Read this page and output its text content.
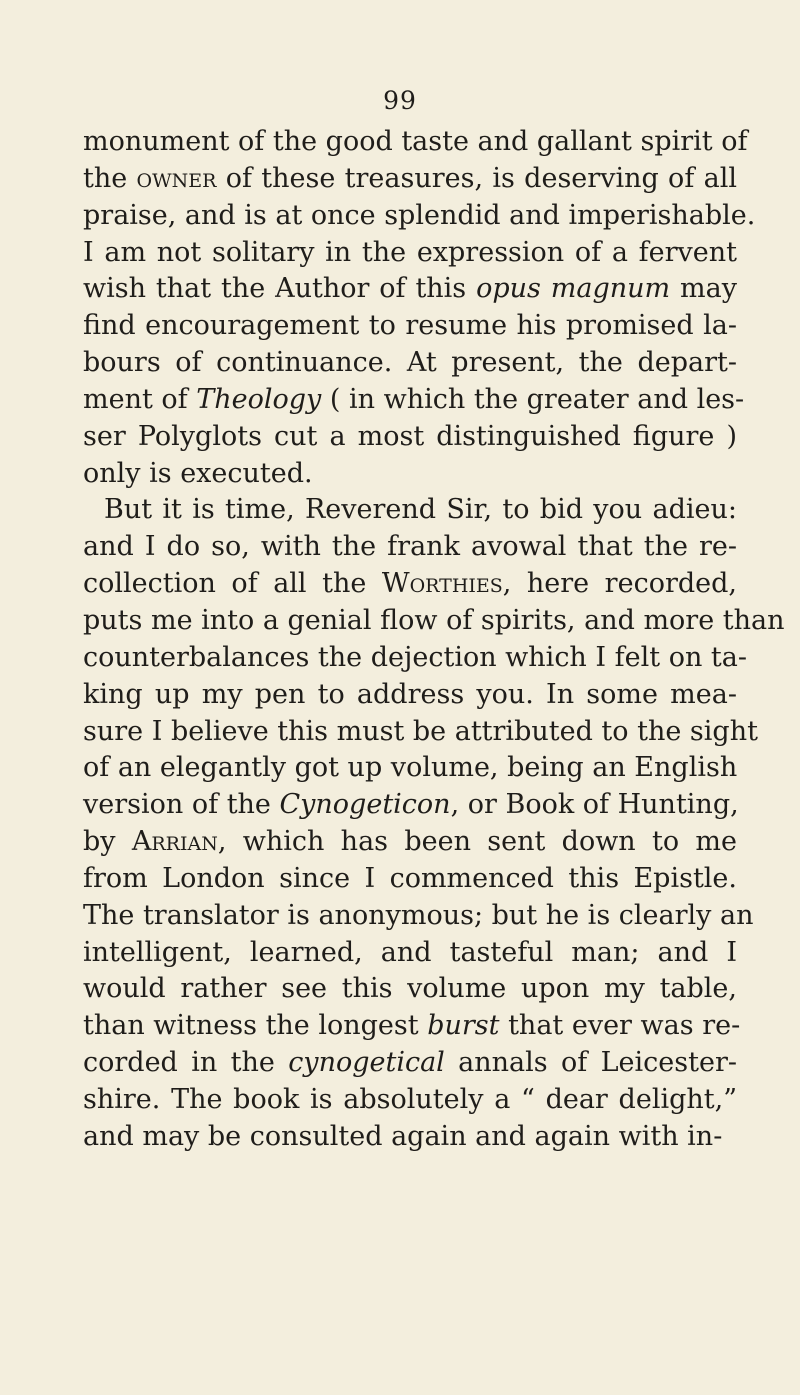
99
monument of the good taste and gallant spirit of
the owner of these treasures, is deserving of all
praise, and is at once splendid and imperishable.
I am not solitary in the expression of a fervent
wish that the Author of this opus magnum may
find encouragement to resume his promised la-
bours of continuance. At present, the depart-
ment of Theology ( in which the greater and les-
ser Polyglots cut a most distinguished figure )
only is executed.
But it is time, Reverend Sir, to bid you adieu:
and I do so, with the frank avowal that the re-
collection of all the Worthies, here recorded,
puts me into a genial flow of spirits, and more than
counterbalances the dejection which I felt on ta-
king up my pen to address you. In some mea-
sure I believe this must be attributed to the sight
of an elegantly got up volume, being an English
version of the Cynogeticon, or Book of Hunting,
by Arrian, which has been sent down to me
from London since I commenced this Epistle.
The translator is anonymous; but he is clearly an
intelligent, learned, and tasteful man; and I
would rather see this volume upon my table,
than witness the longest burst that ever was re-
corded in the cynogetical annals of Leicester-
shire. The book is absolutely a “ dear delight,”
and may be consulted again and again with in-
